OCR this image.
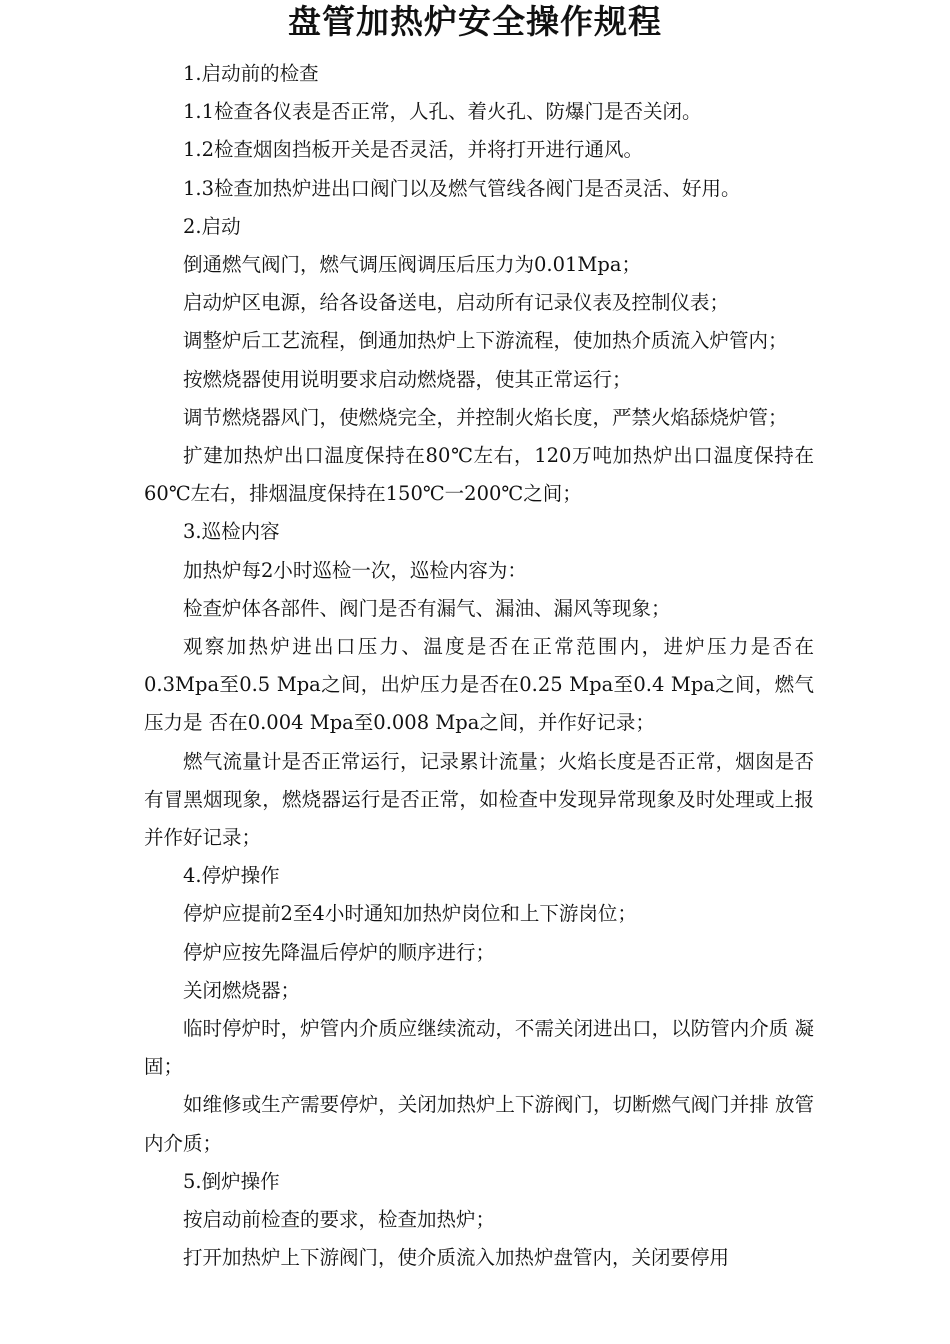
盘管加热炉安全操作规程

1.启动前的检查

1.1检查各仪表是否正常，人孔、着火孔、防爆门是否关闭。

1.2检查烟囱挡板开关是否灵活，并将打开进行通风。

1.3检查加热炉进出口阀门以及燃气管线各阀门是否灵活、好用。

2.启动

倒通燃气阀门，燃气调压阀调压后压力为0.01Mpa；

启动炉区电源，给各设备送电，启动所有记录仪表及控制仪表；

调整炉后工艺流程，倒通加热炉上下游流程，使加热介质流入炉管内；

按燃烧器使用说明要求启动燃烧器，使其正常运行；

调节燃烧器风门，使燃烧完全，并控制火焰长度，严禁火焰舔烧炉管；

扩建加热炉出口温度保持在80℃左右，120万吨加热炉出口温度保持在 60℃左右，排烟温度保持在150℃一200℃之间；

3.巡检内容

加热炉每2小时巡检一次，巡检内容为：

检查炉体各部件、阀门是否有漏气、漏油、漏风等现象；

观察加热炉进出口压力、温度是否在正常范围内，进炉压力是否在 0.3Mpa至0.5 Mpa之间，出炉压力是否在0.25 Mpa至0.4 Mpa之间，燃气压力是 否在0.004 Mpa至0.008 Mpa之间，并作好记录；

燃气流量计是否正常运行，记录累计流量；火焰长度是否正常，烟囱是否有冒黑烟现象，燃烧器运行是否正常，如检查中发现异常现象及时处理或上报 并作好记录；

4.停炉操作

停炉应提前2至4小时通知加热炉岗位和上下游岗位；

停炉应按先降温后停炉的顺序进行；

关闭燃烧器；

临时停炉时，炉管内介质应继续流动，不需关闭进出口，以防管内介质 凝固；

如维修或生产需要停炉，关闭加热炉上下游阀门，切断燃气阀门并排 放管内介质；

5.倒炉操作

按启动前检查的要求，检查加热炉；

打开加热炉上下游阀门，使介质流入加热炉盘管内，关闭要停用
